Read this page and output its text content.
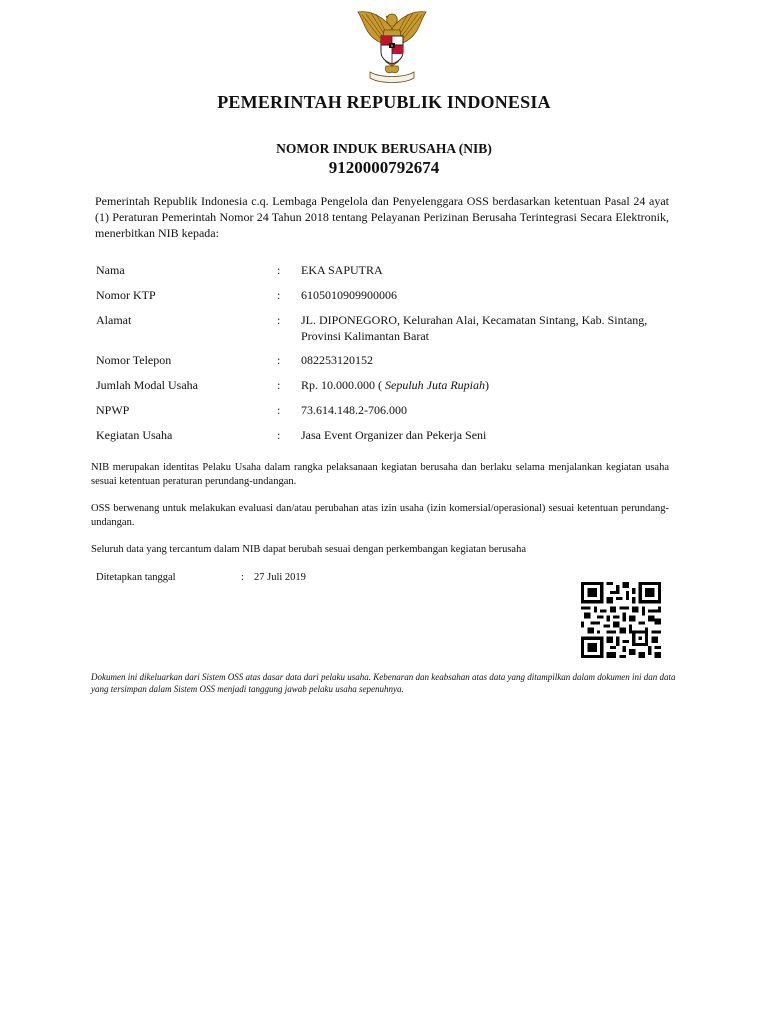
PEMERINTAH REPUBLIK INDONESIA
NOMOR INDUK BERUSAHA (NIB)
9120000792674
Pemerintah Republik Indonesia c.q. Lembaga Pengelola dan Penyelenggara OSS berdasarkan ketentuan Pasal 24 ayat (1) Peraturan Pemerintah Nomor 24 Tahun 2018 tentang Pelayanan Perizinan Berusaha Terintegrasi Secara Elektronik, menerbitkan NIB kepada:
Nama	: EKA SAPUTRA
Nomor KTP	: 6105010909900006
Alamat	: JL. DIPONEGORO, Kelurahan Alai, Kecamatan Sintang, Kab. Sintang, Provinsi Kalimantan Barat
Nomor Telepon	: 082253120152
Jumlah Modal Usaha	: Rp. 10.000.000 ( Sepuluh Juta Rupiah)
NPWP	: 73.614.148.2-706.000
Kegiatan Usaha	: Jasa Event Organizer dan Pekerja Seni
NIB merupakan identitas Pelaku Usaha dalam rangka pelaksanaan kegiatan berusaha dan berlaku selama menjalankan kegiatan usaha sesuai ketentuan peraturan perundang-undangan.
OSS berwenang untuk melakukan evaluasi dan/atau perubahan atas izin usaha (izin komersial/operasional) sesuai ketentuan perundang-undangan.
Seluruh data yang tercantum dalam NIB dapat berubah sesuai dengan perkembangan kegiatan berusaha
Ditetapkan tanggal	: 27 Juli 2019
Dokumen ini dikeluarkan dari Sistem OSS atas dasar data dari pelaku usaha. Kebenaran dan keabsahan atas data yang ditampilkan dalam dokumen ini dan data yang tersimpan dalam Sistem OSS menjadi tanggung jawab pelaku usaha sepenuhnya.
